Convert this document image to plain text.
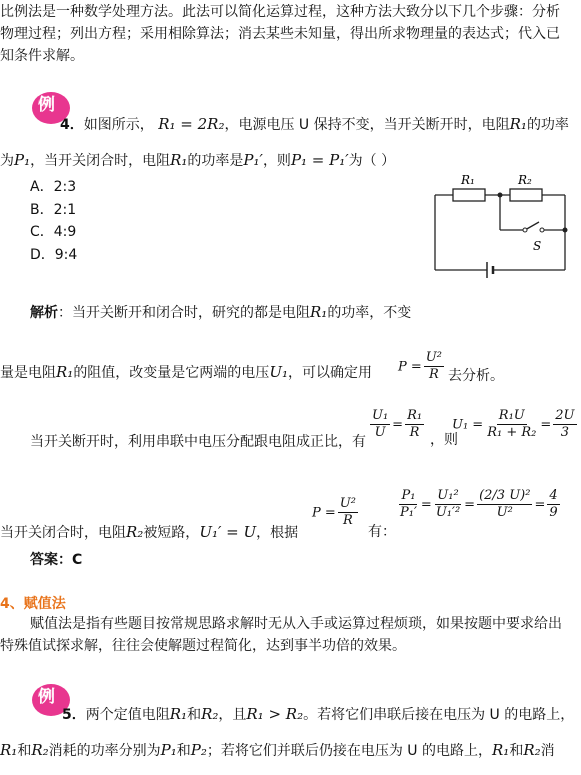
比例法是一种数学处理方法。此法可以简化运算过程，这种方法大致分以下几个步骤：分析
物理过程；列出方程；采用相除算法；消去某些未知量，得出所求物理量的表达式；代入已
知条件求解。
例
4．如图所示， R₁ = 2R₂，电源电压 U 保持不变，当开关断开时，电阻R₁的功率
为P₁，当开关闭合时，电阻R₁的功率是P₁′，则P₁ = P₁′为（ ）
A．2:3
B．2:1
C．4:9
D．9:4
R₁	R₂
S
解析：当开关断开和闭合时，研究的都是电阻R₁的功率，不变
量是电阻R₁的阻值，改变量是它两端的电压U₁，可以确定用 $P = \frac{\text{U²}}{R}$ 去分析。
当开关断开时，利用串联中电压分配跟电阻成正比，有
$\frac{\text{U₁}}{U} = \frac{\text{R₁}}{R}$ ，则
$U_1 = \frac{\text{R₁U}}{\text{R₁ + R₂}} = \frac{2U}{3}$
当开关闭合时，电阻R₂被短路，U₁′ = U，根据
$P = \frac{\text{U²}}{R}$
有：
$\frac{\text{P₁}}{\text{P₁′}} = \frac{\text{U₁²}}{\text{U₁′²}} = \frac{\text{(2/3 U)²}}{\text{U²}} = \frac{4}{9}$
答案：C
4、赋值法
赋值法是指有些题目按常规思路求解时无从入手或运算过程烦琐，如果按题中要求给出
特殊值试探求解，往往会使解题过程简化，达到事半功倍的效果。
例
5．两个定值电阻R₁和R₂，且R₁ > R₂。若将它们串联后接在电压为 U 的电路上，
R₁和R₂消耗的功率分别为P₁和P₂；若将它们并联后仍接在电压为 U 的电路上，R₁和R₂消
